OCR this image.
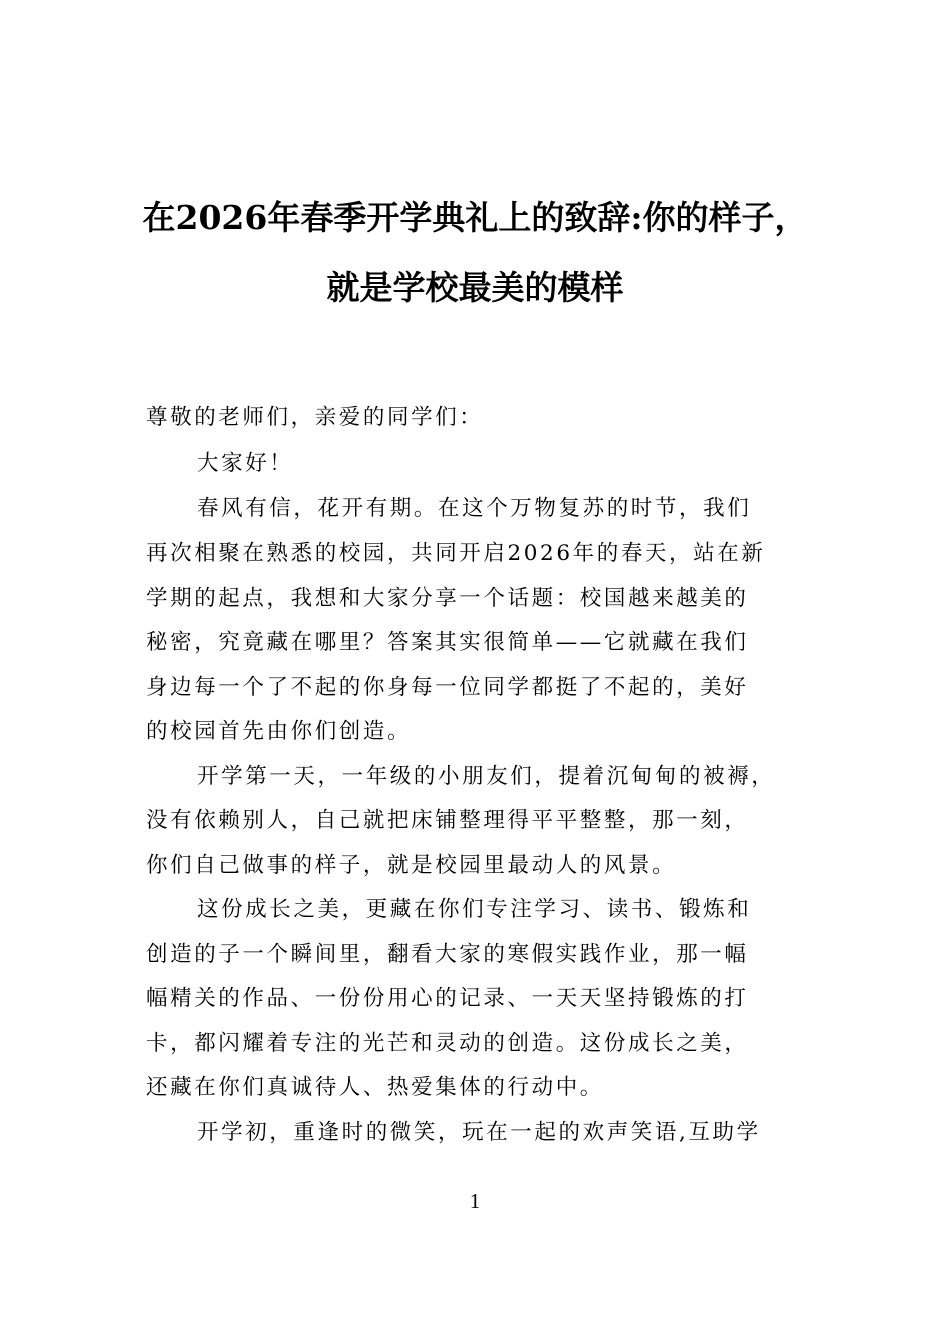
在2026年春季开学典礼上的致辞:你的样子，
就是学校最美的模样
尊敬的老师们，亲爱的同学们：
大家好！
春风有信，花开有期。在这个万物复苏的时节，我们
再次相聚在熟悉的校园，共同开启2026年的春天，站在新
学期的起点，我想和大家分享一个话题：校国越来越美的
秘密，究竟藏在哪里？答案其实很简单——它就藏在我们
身边每一个了不起的你身每一位同学都挺了不起的，美好
的校园首先由你们创造。
开学第一天，一年级的小朋友们，提着沉甸甸的被褥，
没有依赖别人，自己就把床铺整理得平平整整，那一刻，
你们自己做事的样子，就是校园里最动人的风景。
这份成长之美，更藏在你们专注学习、读书、锻炼和
创造的子一个瞬间里，翻看大家的寒假实践作业，那一幅
幅精关的作品、一份份用心的记录、一天天坚持锻炼的打
卡，都闪耀着专注的光芒和灵动的创造。这份成长之美，
还藏在你们真诚待人、热爱集体的行动中。
开学初，重逢时的微笑，玩在一起的欢声笑语,互助学
1
